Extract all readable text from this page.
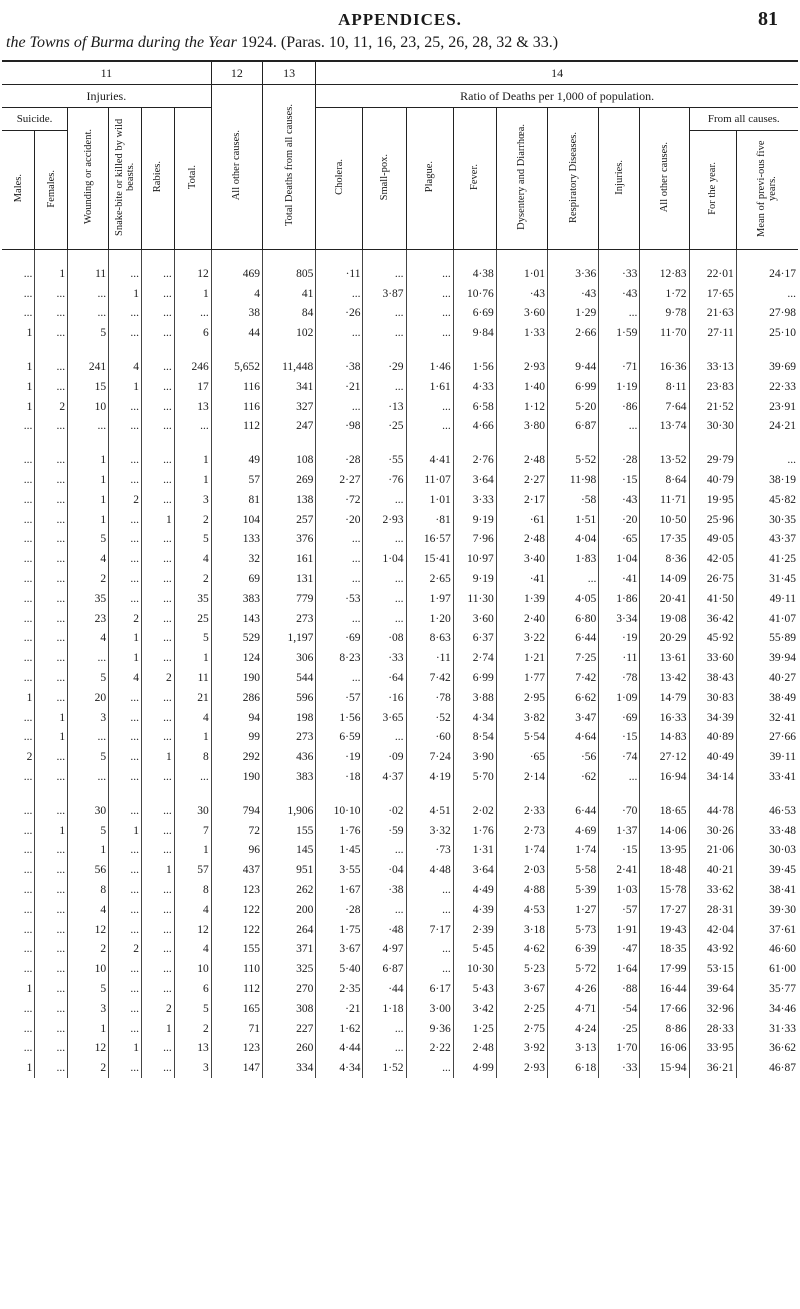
APPENDICES.	81
the Towns of Burma during the Year 1924. (Paras. 10, 11, 16, 23, 25, 26, 28, 32 & 33.)
11						12	13	14									
Injuries.						All other causes.	Total Deaths from all causes.	Ratio of Deaths per 1,000 of population.									
Suicide.		Wounding or accident.	Snake-bite or killed by wild beasts.	Rabies.	Total.			Cholera.	Small-pox.	Plague.	Fever.	Dysentery and Diarrhœa.	Respiratory Diseases.	Injuries.	All other causes.	From all causes.	
Males.	Females.															For the year.	Mean of previ-ous five years.

...	1	11	...	...	12	469	805	·11	...	...	4·38	1·01	3·36	·33	12·83	22·01	24·17
...	...	...	1	...	1	4	41	...	3·87	...	10·76	·43	·43	·43	1·72	17·65	...
...	...	...	...	...	...	38	84	·26	...	...	6·69	3·60	1·29	...	9·78	21·63	27·98
1	...	5	...	...	6	44	102	...	...	...	9·84	1·33	2·66	1·59	11·70	27·11	25·10

1	...	241	4	...	246	5,652	11,448	·38	·29	1·46	1·56	2·93	9·44	·71	16·36	33·13	39·69
1	...	15	1	...	17	116	341	·21	...	1·61	4·33	1·40	6·99	1·19	8·11	23·83	22·33
1	2	10	...	...	13	116	327	...	·13	...	6·58	1·12	5·20	·86	7·64	21·52	23·91
...	...	...	...	...	...	112	247	·98	·25	...	4·66	3·80	6·87	...	13·74	30·30	24·21

...	...	1	...	...	1	49	108	·28	·55	4·41	2·76	2·48	5·52	·28	13·52	29·79	...
...	...	1	...	...	1	57	269	2·27	·76	11·07	3·64	2·27	11·98	·15	8·64	40·79	38·19
...	...	1	2	...	3	81	138	·72	...	1·01	3·33	2·17	·58	·43	11·71	19·95	45·82
...	...	1	...	1	2	104	257	·20	2·93	·81	9·19	·61	1·51	·20	10·50	25·96	30·35
...	...	5	...	...	5	133	376	...	...	16·57	7·96	2·48	4·04	·65	17·35	49·05	43·37
...	...	4	...	...	4	32	161	...	1·04	15·41	10·97	3·40	1·83	1·04	8·36	42·05	41·25
...	...	2	...	...	2	69	131	...	...	2·65	9·19	·41	...	·41	14·09	26·75	31·45
...	...	35	...	...	35	383	779	·53	...	1·97	11·30	1·39	4·05	1·86	20·41	41·50	49·11
...	...	23	2	...	25	143	273	...	...	1·20	3·60	2·40	6·80	3·34	19·08	36·42	41·07
...	...	4	1	...	5	529	1,197	·69	·08	8·63	6·37	3·22	6·44	·19	20·29	45·92	55·89
...	...	...	1	...	1	124	306	8·23	·33	·11	2·74	1·21	7·25	·11	13·61	33·60	39·94
...	...	5	4	2	11	190	544	...	·64	7·42	6·99	1·77	7·42	·78	13·42	38·43	40·27
1	...	20	...	...	21	286	596	·57	·16	·78	3·88	2·95	6·62	1·09	14·79	30·83	38·49
...	1	3	...	...	4	94	198	1·56	3·65	·52	4·34	3·82	3·47	·69	16·33	34·39	32·41
...	1	...	...	...	1	99	273	6·59	...	·60	8·54	5·54	4·64	·15	14·83	40·89	27·66
2	...	5	...	1	8	292	436	·19	·09	7·24	3·90	·65	·56	·74	27·12	40·49	39·11
...	...	...	...	...	...	190	383	·18	4·37	4·19	5·70	2·14	·62	...	16·94	34·14	33·41

...	...	30	...	...	30	794	1,906	10·10	·02	4·51	2·02	2·33	6·44	·70	18·65	44·78	46·53
...	1	5	1	...	7	72	155	1·76	·59	3·32	1·76	2·73	4·69	1·37	14·06	30·26	33·48
...	...	1	...	...	1	96	145	1·45	...	·73	1·31	1·74	1·74	·15	13·95	21·06	30·03
...	...	56	...	1	57	437	951	3·55	·04	4·48	3·64	2·03	5·58	2·41	18·48	40·21	39·45
...	...	8	...	...	8	123	262	1·67	·38	...	4·49	4·88	5·39	1·03	15·78	33·62	38·41
...	...	4	...	...	4	122	200	·28	...	...	4·39	4·53	1·27	·57	17·27	28·31	39·30
...	...	12	...	...	12	122	264	1·75	·48	7·17	2·39	3·18	5·73	1·91	19·43	42·04	37·61
...	...	2	2	...	4	155	371	3·67	4·97	...	5·45	4·62	6·39	·47	18·35	43·92	46·60
...	...	10	...	...	10	110	325	5·40	6·87	...	10·30	5·23	5·72	1·64	17·99	53·15	61·00
1	...	5	...	...	6	112	270	2·35	·44	6·17	5·43	3·67	4·26	·88	16·44	39·64	35·77
...	...	3	...	2	5	165	308	·21	1·18	3·00	3·42	2·25	4·71	·54	17·66	32·96	34·46
...	...	1	...	1	2	71	227	1·62	...	9·36	1·25	2·75	4·24	·25	8·86	28·33	31·33
...	...	12	1	...	13	123	260	4·44	...	2·22	2·48	3·92	3·13	1·70	16·06	33·95	36·62
1	...	2	...	...	3	147	334	4·34	1·52	...	4·99	2·93	6·18	·33	15·94	36·21	46·87
